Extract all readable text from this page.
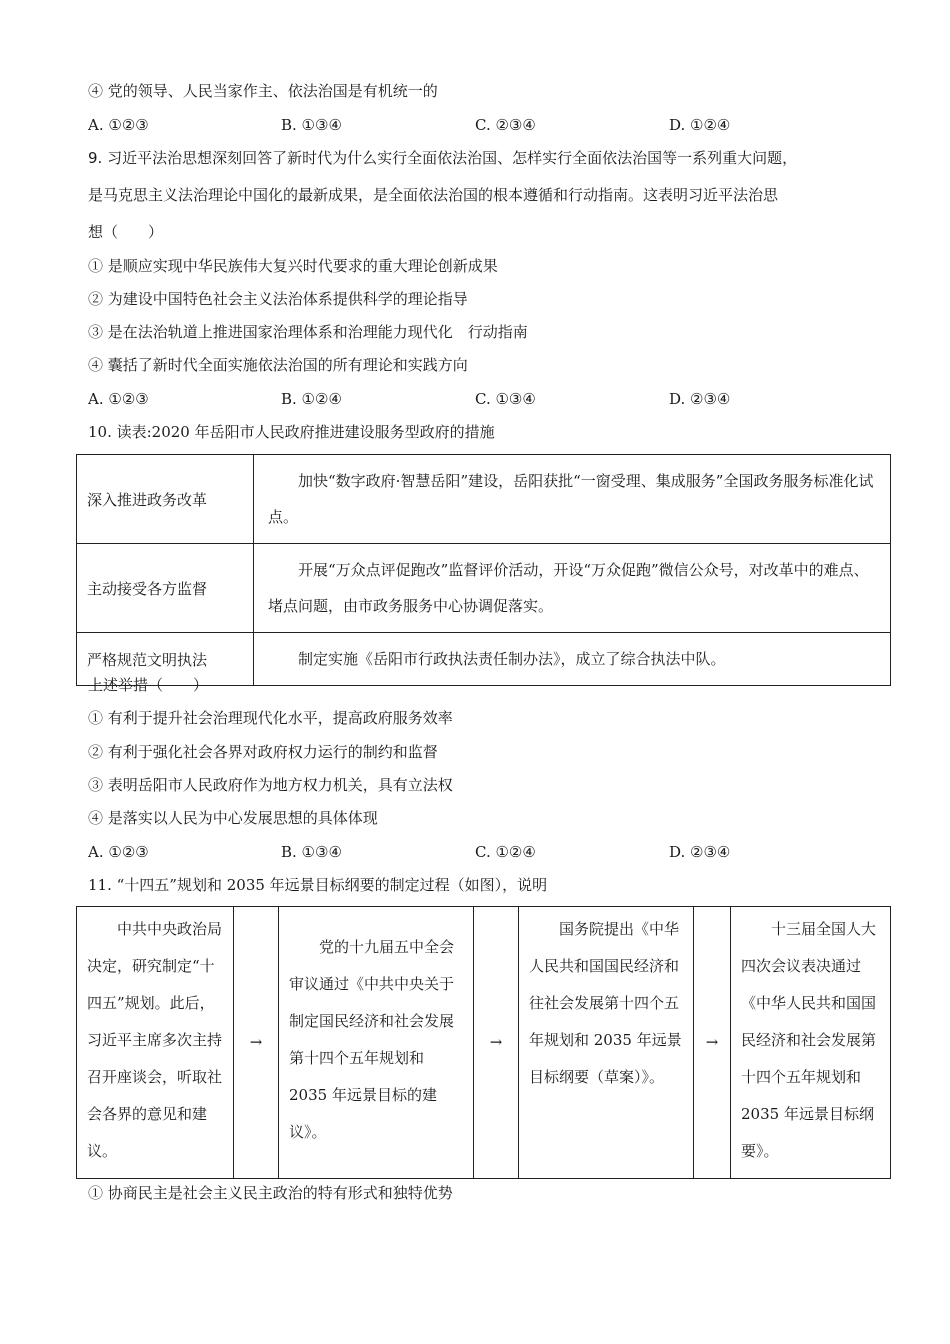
④ 党的领导、人民当家作主、依法治国是有机统一的
A. ①②③	B. ①③④	C. ②③④	D. ①②④
9. 习近平法治思想深刻回答了新时代为什么实行全面依法治国、怎样实行全面依法治国等一系列重大问题，
是马克思主义法治理论中国化的最新成果，是全面依法治国的根本遵循和行动指南。这表明习近平法治思
想（　　）
① 是顺应实现中华民族伟大复兴时代要求的重大理论创新成果
② 为建设中国特色社会主义法治体系提供科学的理论指导
③ 是在法治轨道上推进国家治理体系和治理能力现代化　行动指南
④ 囊括了新时代全面实施依法治国的所有理论和实践方向
A. ①②③	B. ①②④	C. ①③④	D. ②③④
10. 读表:2020 年岳阳市人民政府推进建设服务型政府的措施
深入推进政务改革	加快“数字政府·智慧岳阳”建设，岳阳获批“一窗受理、集成服务”全国政务服务标准化试点。
主动接受各方监督	开展“万众点评促跑改”监督评价活动，开设“万众促跑”微信公众号，对改革中的难点、堵点问题，由市政务服务中心协调促落实。
严格规范文明执法	制定实施《岳阳市行政执法责任制办法》，成立了综合执法中队。
上述举措（　　）
① 有利于提升社会治理现代化水平，提高政府服务效率
② 有利于强化社会各界对政府权力运行的制约和监督
③ 表明岳阳市人民政府作为地方权力机关，具有立法权
④ 是落实以人民为中心发展思想的具体体现
A. ①②③	B. ①③④	C. ①②④	D. ②③④
11. “十四五”规划和 2035 年远景目标纲要的制定过程（如图），说明
中共中央政治局决定，研究制定“十四五”规划。此后，习近平主席多次主持召开座谈会，听取社会各界的意见和建议。	→	党的十九届五中全会审议通过《中共中央关于制定国民经济和社会发展第十四个五年规划和 2035 年远景目标的建议》。	→	国务院提出《中华人民共和国国民经济和往社会发展第十四个五年规划和 2035 年远景目标纲要（草案）》。	→	十三届全国人大四次会议表决通过《中华人民共和国国民经济和社会发展第十四个五年规划和 2035 年远景目标纲要》。
① 协商民主是社会主义民主政治的特有形式和独特优势
